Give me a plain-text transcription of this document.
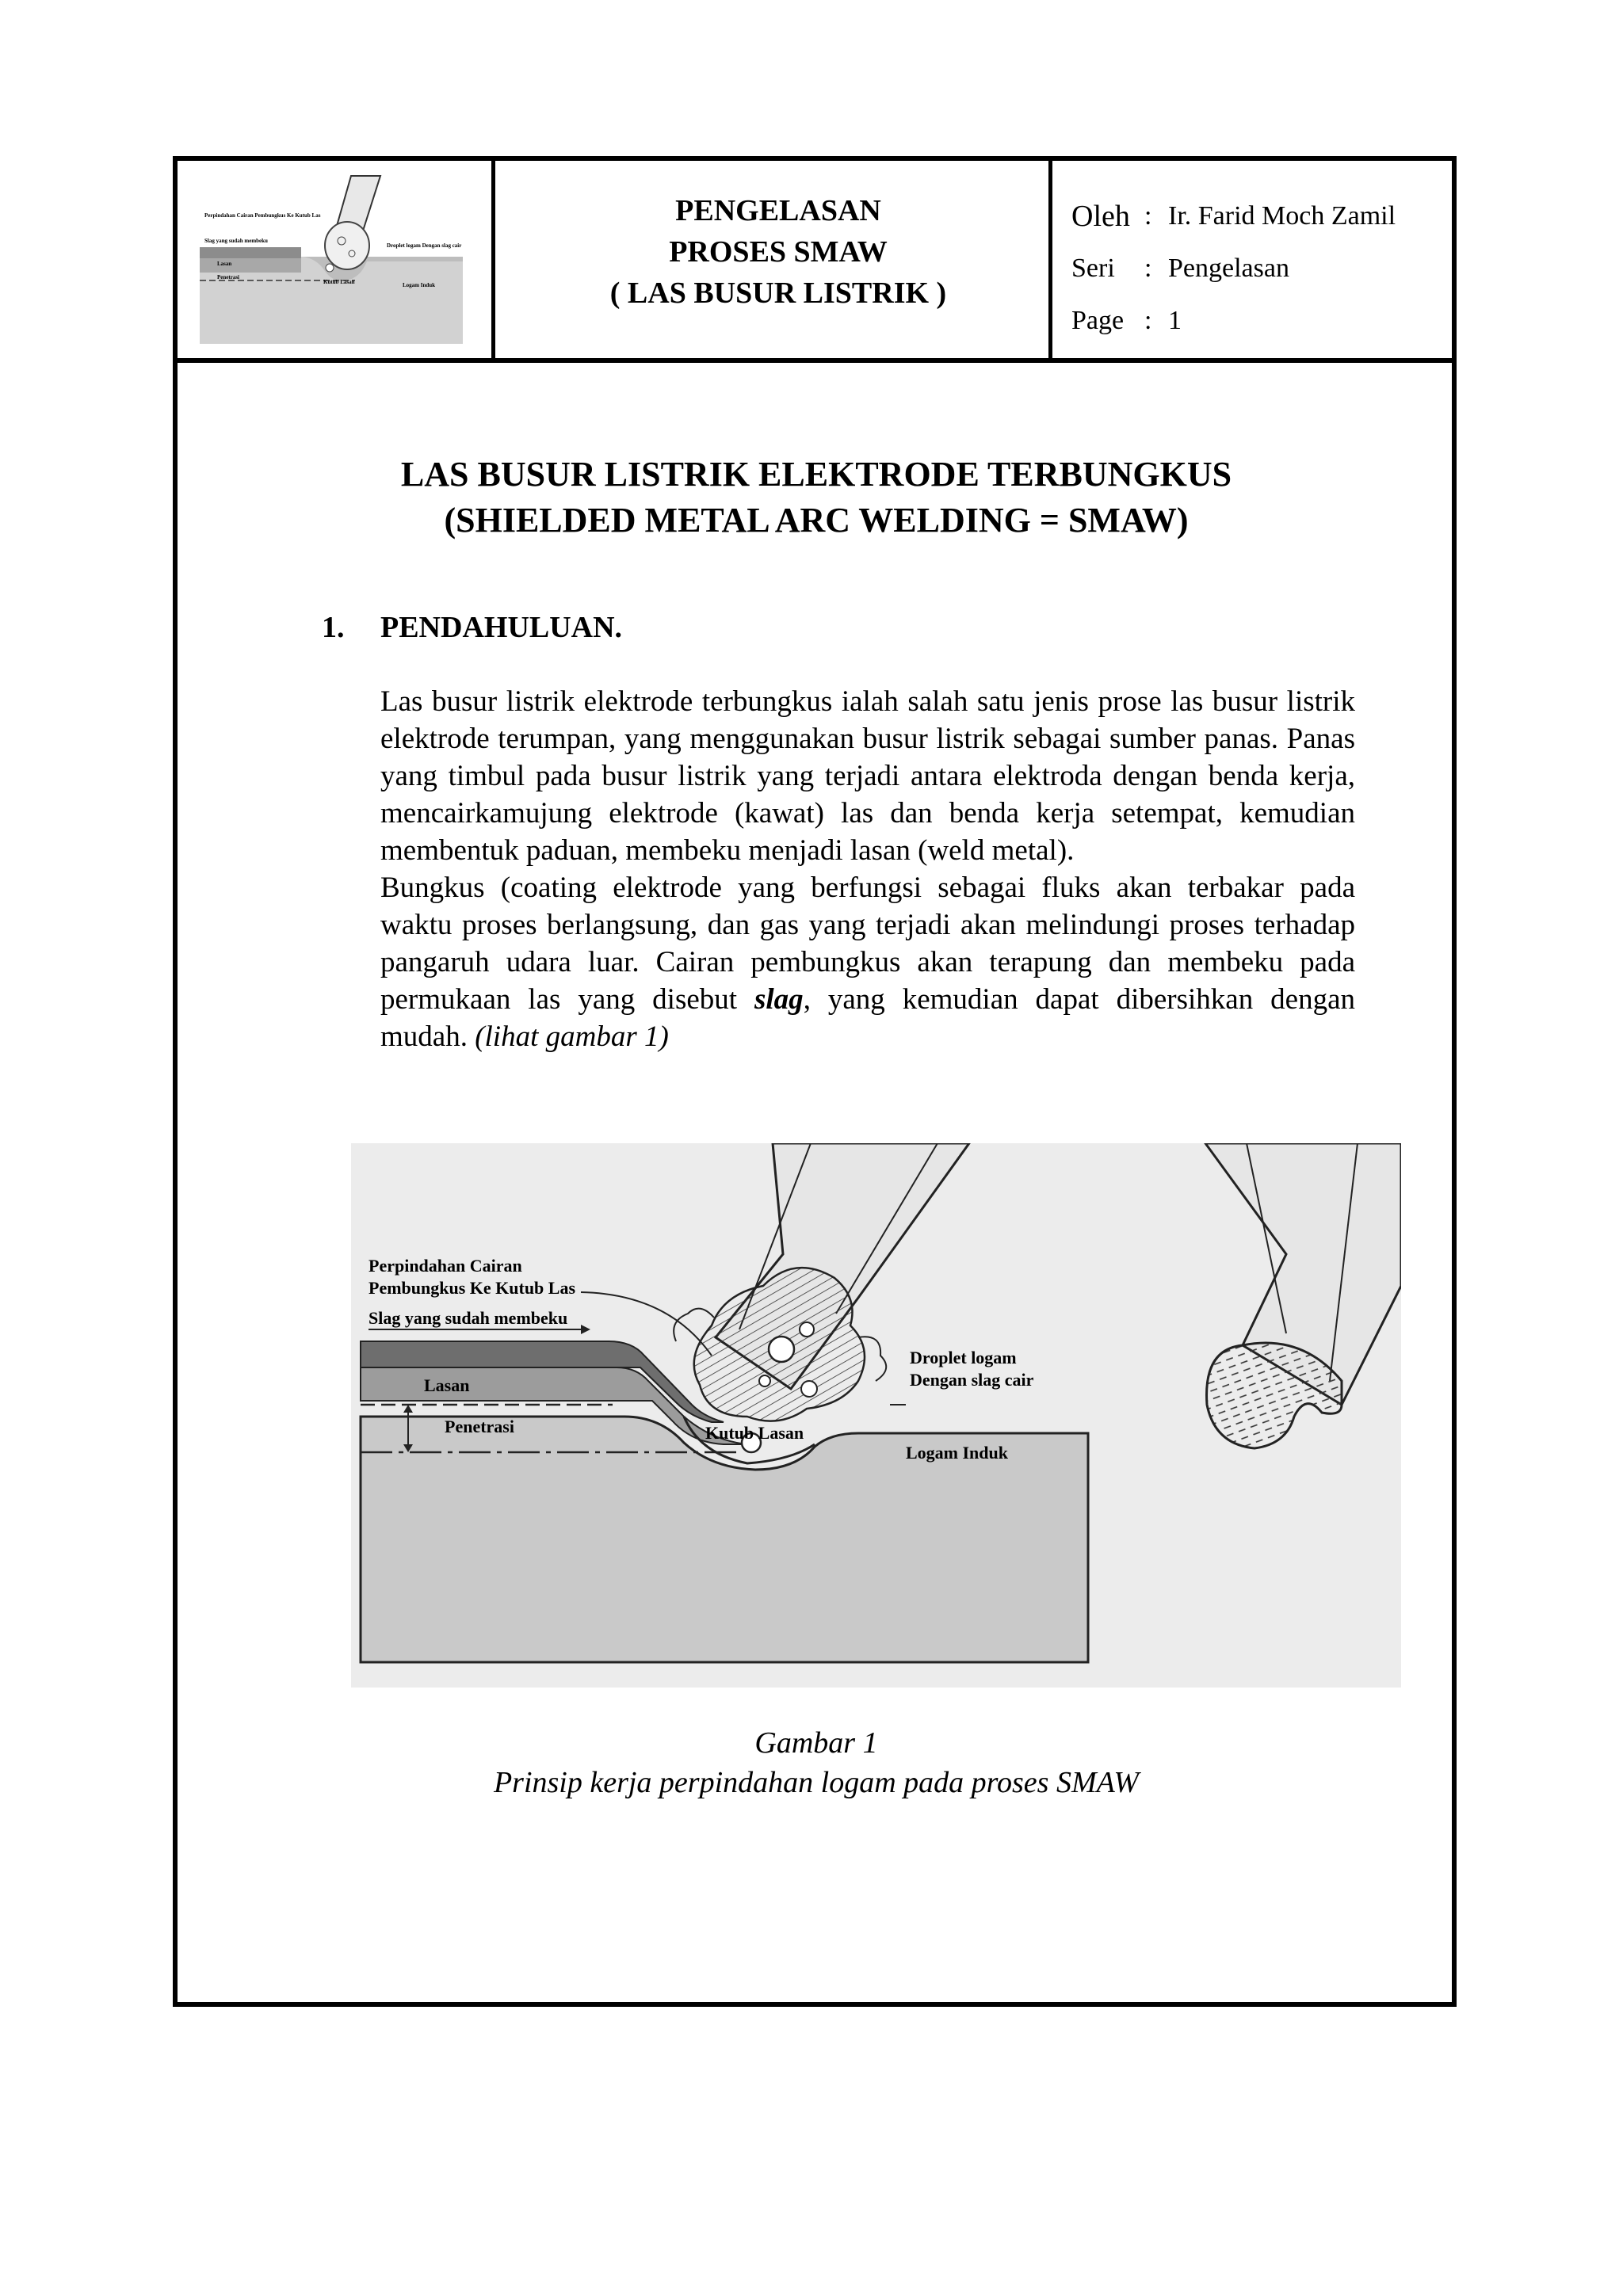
Perpindahan Cairan Pembungkus Ke Kutub Las
Slag yang sudah membeku
Lasan
Penetrasi
Droplet logam Dengan slag cair
Kutub Lasan	Logam Induk
PENGELASAN
PROSES SMAW
( LAS BUSUR LISTRIK )
Oleh : Ir. Farid Moch Zamil
Seri	: Pengelasan
Page : 1
LAS BUSUR LISTRIK ELEKTRODE TERBUNGKUS
(SHIELDED METAL ARC WELDING = SMAW)
1. PENDAHULUAN.

Las busur listrik elektrode terbungkus ialah salah satu jenis prose las busur listrik elektrode terumpan, yang menggunakan busur listrik sebagai sumber panas. Panas yang timbul pada busur listrik yang terjadi antara elektroda dengan benda kerja, mencairkamujung elektrode (kawat) las dan benda kerja setempat, kemudian membentuk paduan, membeku menjadi lasan (weld metal).

Bungkus (coating elektrode yang berfungsi sebagai fluks akan terbakar pada waktu proses berlangsung, dan gas yang terjadi akan melindungi proses terhadap pangaruh udara luar. Cairan pembungkus akan terapung dan membeku pada permukaan las yang disebut slag, yang kemudian dapat dibersihkan dengan mudah. (lihat gambar 1)

Perpindahan Cairan
Pembungkus Ke Kutub Las
Slag yang sudah membeku
Lasan
Penetrasi
Droplet logam
Dengan slag cair
Kutub Lasan
Logam Induk
Gambar 1
Prinsip kerja perpindahan logam pada proses SMAW
